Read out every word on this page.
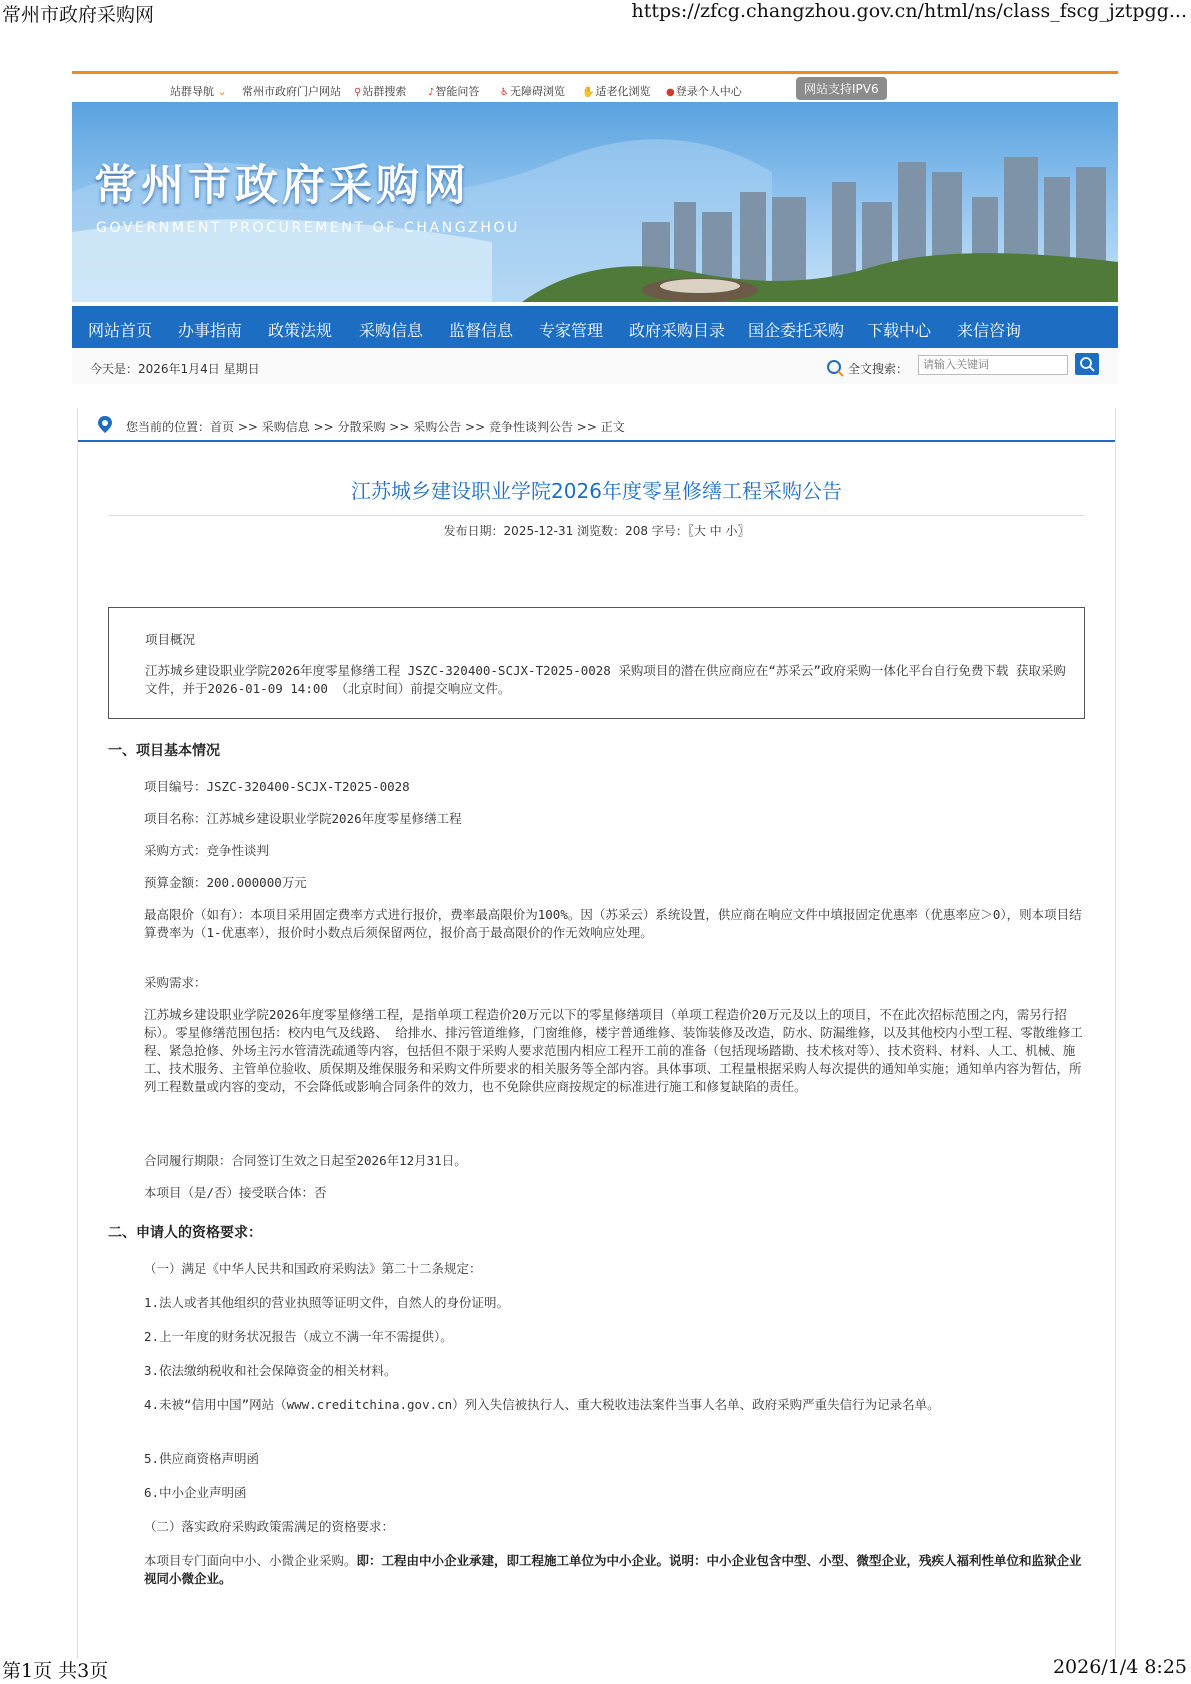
常州市政府采购网	https://zfcg.changzhou.gov.cn/html/ns/class_fscg_jztpgg...
站群导航 ⌄ 常州市政府门户网站 ⚲站群搜索 ♪智能问答 ♿无障碍浏览 ✋适老化浏览 ●登录个人中心	网站支持IPV6
常州市政府采购网
GOVERNMENT PROCUREMENT OF CHANGZHOU
网站首页 办事指南 政策法规 采购信息 监督信息 专家管理 政府采购目录 国企委托采购 下载中心 来信咨询
今天是：2026年1月4日 星期日	全文搜索：
请输入关键词
您当前的位置：首页 >> 采购信息 >> 分散采购 >> 采购公告 >> 竞争性谈判公告 >> 正文
江苏城乡建设职业学院2026年度零星修缮工程采购公告
发布日期：2025-12-31 浏览数：208 字号：〖大 中 小〗
项目概况
江苏城乡建设职业学院2026年度零星修缮工程 JSZC-320400-SCJX-T2025-0028 采购项目的潜在供应商应在“苏采云”政府采购一体化平台自行免费下载 获取采购文件，并于2026-01-09 14:00 （北京时间）前提交响应文件。
一、项目基本情况
项目编号：JSZC-320400-SCJX-T2025-0028
项目名称：江苏城乡建设职业学院2026年度零星修缮工程
采购方式：竞争性谈判
预算金额：200.000000万元
最高限价（如有）：本项目采用固定费率方式进行报价，费率最高限价为100%。因（苏采云）系统设置，供应商在响应文件中填报固定优惠率（优惠率应＞0），则本项目结算费率为（1-优惠率），报价时小数点后须保留两位，报价高于最高限价的作无效响应处理。
采购需求：
江苏城乡建设职业学院2026年度零星修缮工程，是指单项工程造价20万元以下的零星修缮项目（单项工程造价20万元及以上的项目，不在此次招标范围之内，需另行招标）。零星修缮范围包括：校内电气及线路、 给排水、排污管道维修，门窗维修，楼宇普通维修、装饰装修及改造，防水、防漏维修，以及其他校内小型工程、零散维修工程、紧急抢修、外场主污水管清洗疏通等内容，包括但不限于采购人要求范围内相应工程开工前的准备（包括现场踏勘、技术核对等）、技术资料、材料、人工、机械、施工、技术服务、主管单位验收、质保期及维保服务和采购文件所要求的相关服务等全部内容。具体事项、工程量根据采购人每次提供的通知单实施；通知单内容为暂估，所列工程数量或内容的变动，不会降低或影响合同条件的效力，也不免除供应商按规定的标准进行施工和修复缺陷的责任。
合同履行期限：合同签订生效之日起至2026年12月31日。
本项目（是/否）接受联合体：否
二、申请人的资格要求：
（一）满足《中华人民共和国政府采购法》第二十二条规定：
1.法人或者其他组织的营业执照等证明文件，自然人的身份证明。
2.上一年度的财务状况报告（成立不满一年不需提供）。
3.依法缴纳税收和社会保障资金的相关材料。
4.未被“信用中国”网站（www.creditchina.gov.cn）列入失信被执行人、重大税收违法案件当事人名单、政府采购严重失信行为记录名单。
5.供应商资格声明函
6.中小企业声明函
（二）落实政府采购政策需满足的资格要求：
本项目专门面向中小、小微企业采购。即：工程由中小企业承建，即工程施工单位为中小企业。说明：中小企业包含中型、小型、微型企业，残疾人福利性单位和监狱企业视同小微企业。
第1页 共3页	2026/1/4 8:25
